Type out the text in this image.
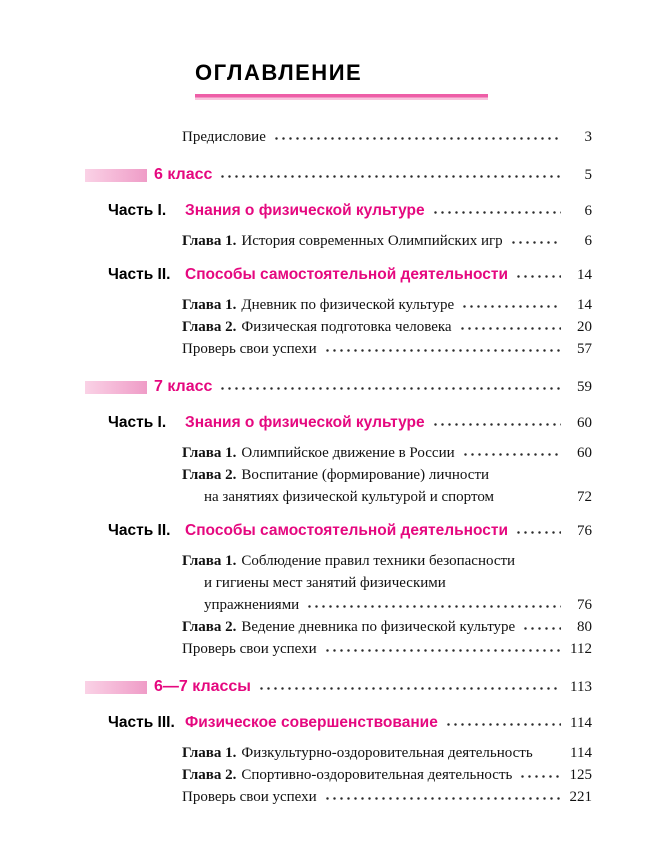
ОГЛАВЛЕНИЕ
Предисловие	3
6 класс	5
Часть I.	Знания о физической культуре	6
Глава 1. История современных Олимпийских игр	6
Часть II. Способы самостоятельной деятельности	14
Глава 1. Дневник по физической культуре	14
Глава 2. Физическая подготовка человека	20
Проверь свои успехи	57
7 класс	59
Часть I.	Знания о физической культуре	60
Глава 1. Олимпийское движение в России	60
Глава 2. Воспитание (формирование) личности
на занятиях физической культурой и спортом	72
Часть II. Способы самостоятельной деятельности	76
Глава 1. Соблюдение правил техники безопасности
и гигиены мест занятий физическими
упражнениями	76
Глава 2. Ведение дневника по физической культуре	80
Проверь свои успехи	112
6—7 классы	113
Часть III. Физическое совершенствование	114
Глава 1. Физкультурно-оздоровительная деятельность 114
Глава 2. Спортивно-оздоровительная деятельность	125
Проверь свои успехи	221
